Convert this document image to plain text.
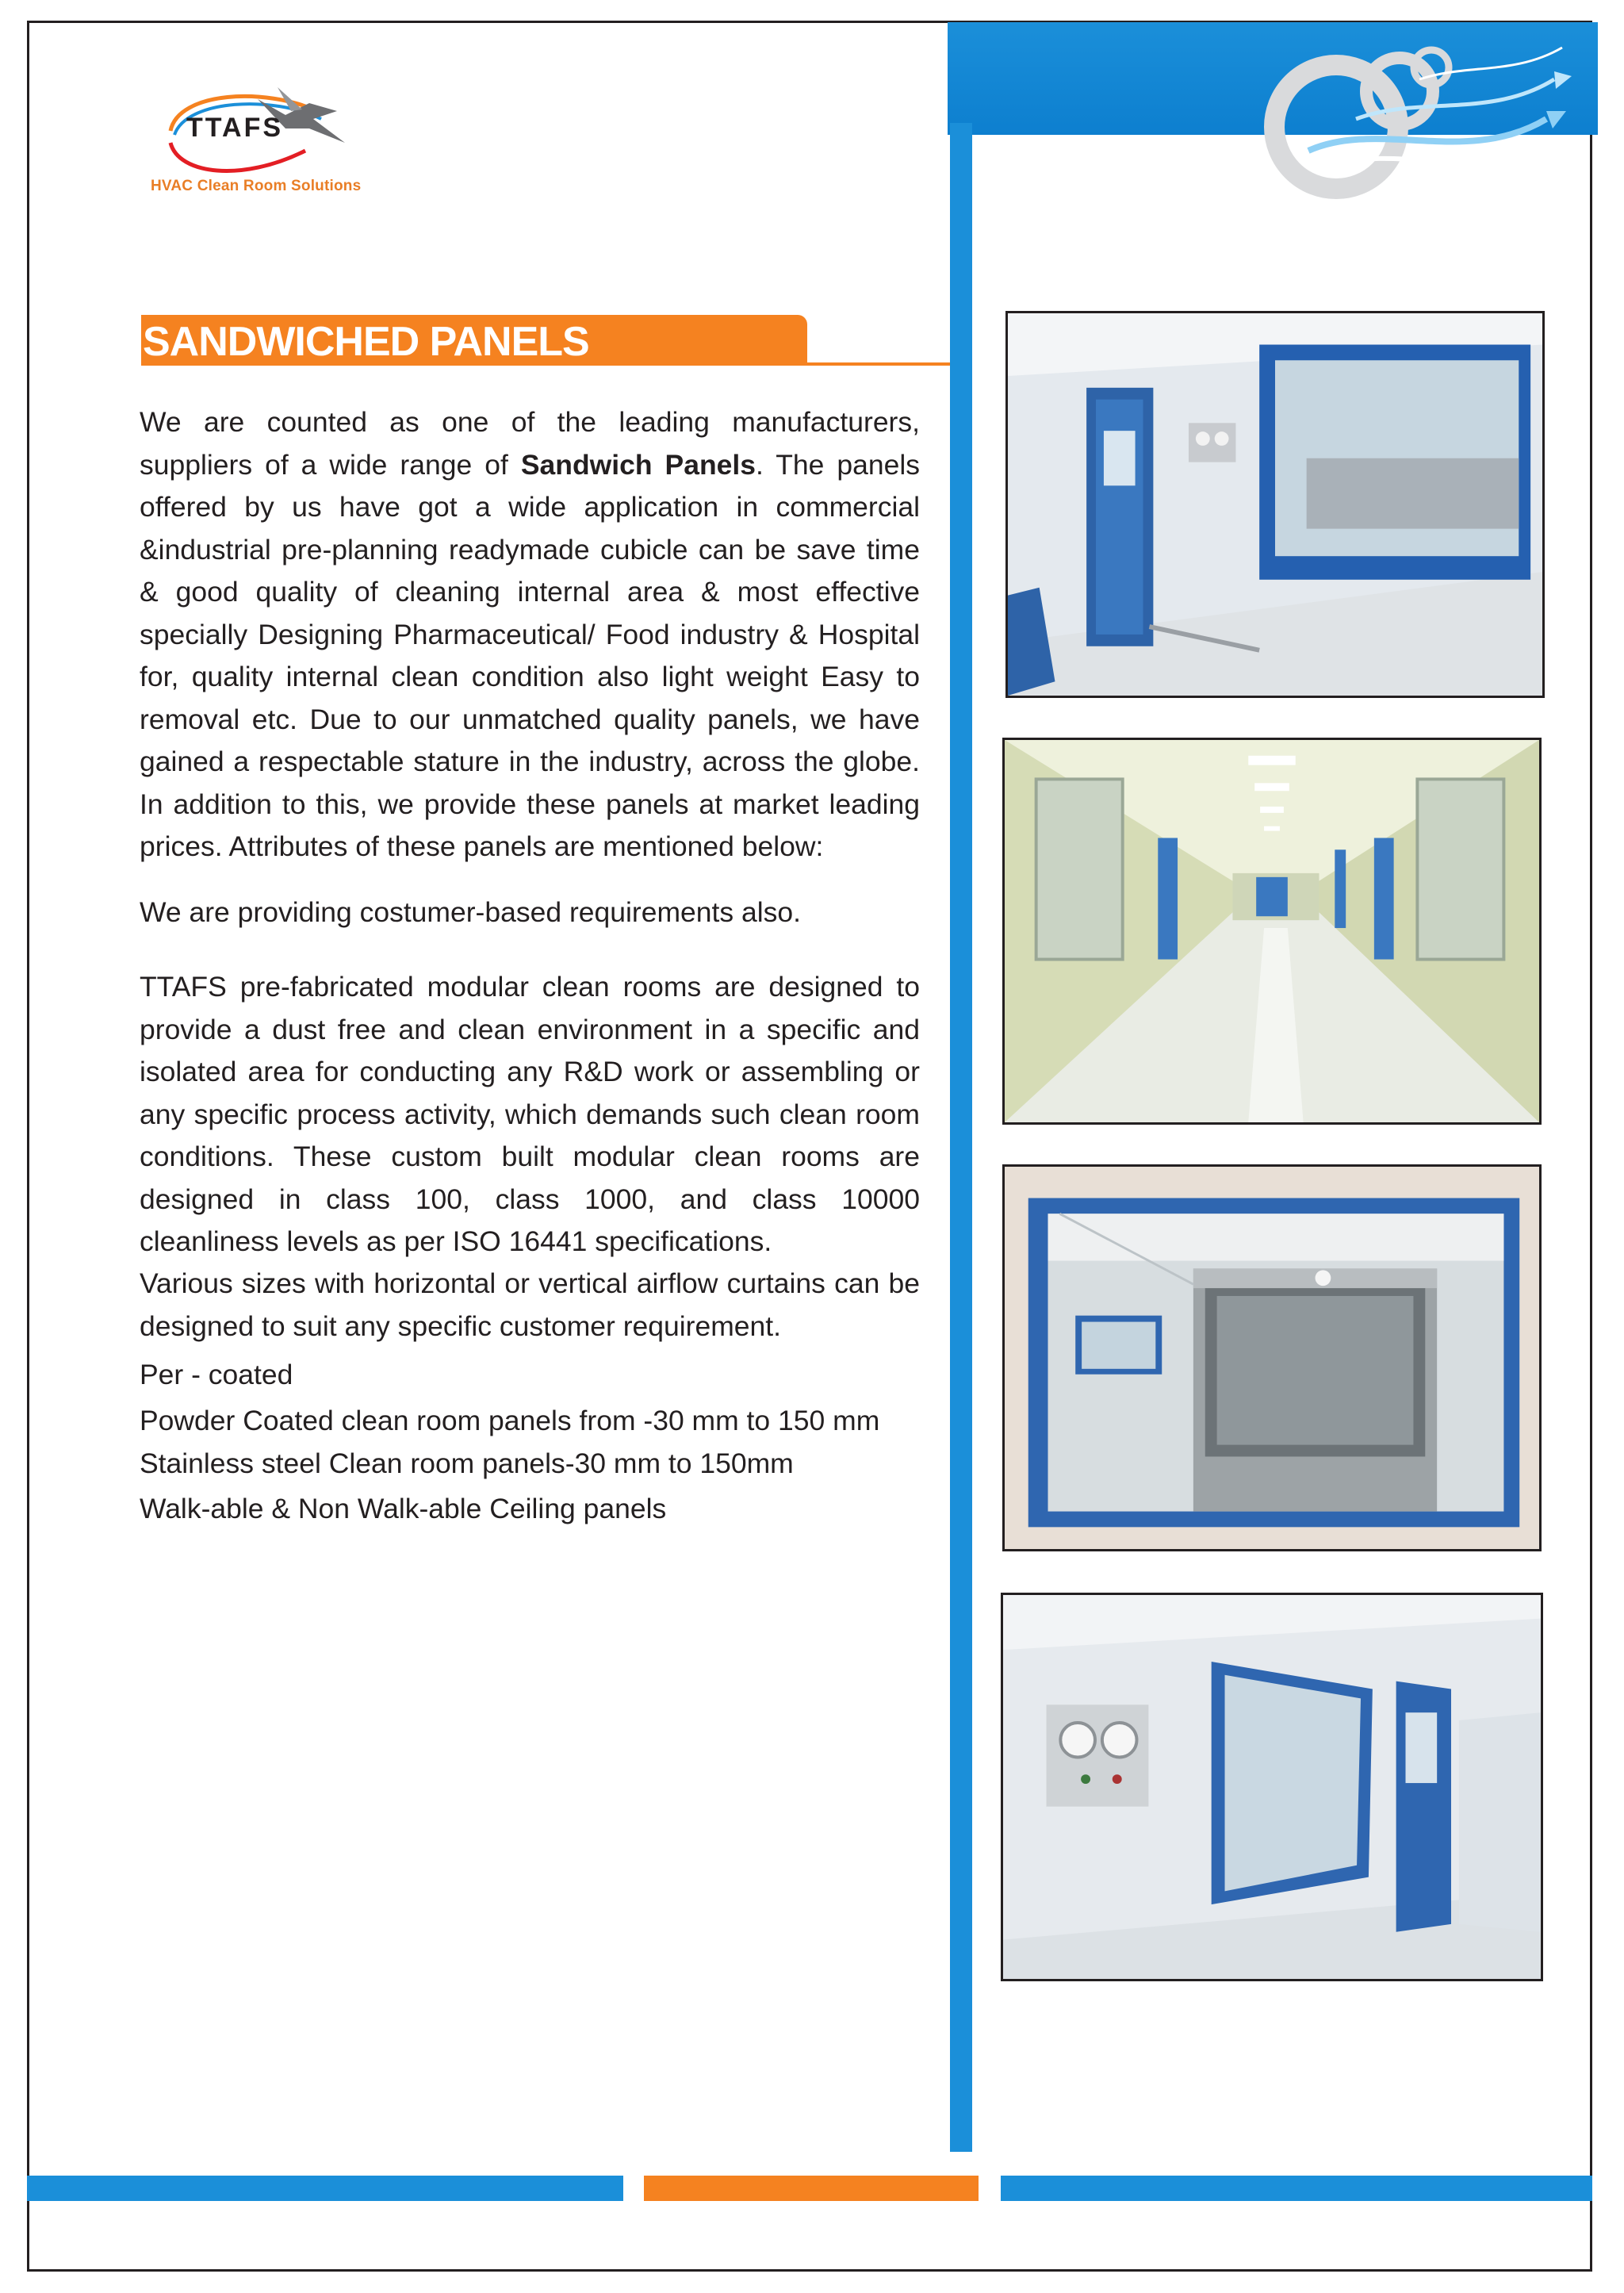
TTAFS
HVAC Clean Room Solutions
SANDWICHED PANELS
We are counted as one of the leading manufacturers, suppliers of a wide range of Sandwich Panels. The panels offered by us have got a wide application in commercial &industrial pre-planning readymade cubicle can be save time & good quality of cleaning internal area & most effective specially Designing Pharmaceutical/ Food industry & Hospital for, quality internal clean condition also light weight Easy to removal etc. Due to our unmatched quality panels, we have gained a respectable stature in the industry, across the globe. In addition to this, we provide these panels at market leading prices. Attributes of these panels are mentioned below:
We are providing costumer-based requirements also.
TTAFS pre-fabricated modular clean rooms are designed to provide a dust free and clean environment in a specific and isolated area for conducting any R&D work or assembling or any specific process activity, which demands such clean room conditions. These custom built modular clean rooms are designed in class 100, class 1000, and class 10000 cleanliness levels as per ISO 16441 specifications.
Various sizes with horizontal or vertical airflow curtains can be designed to suit any specific customer requirement.
Per - coated
Powder Coated clean room panels from -30 mm to 150 mm
Stainless steel Clean room panels-30 mm to 150mm
Walk-able & Non Walk-able Ceiling panels
